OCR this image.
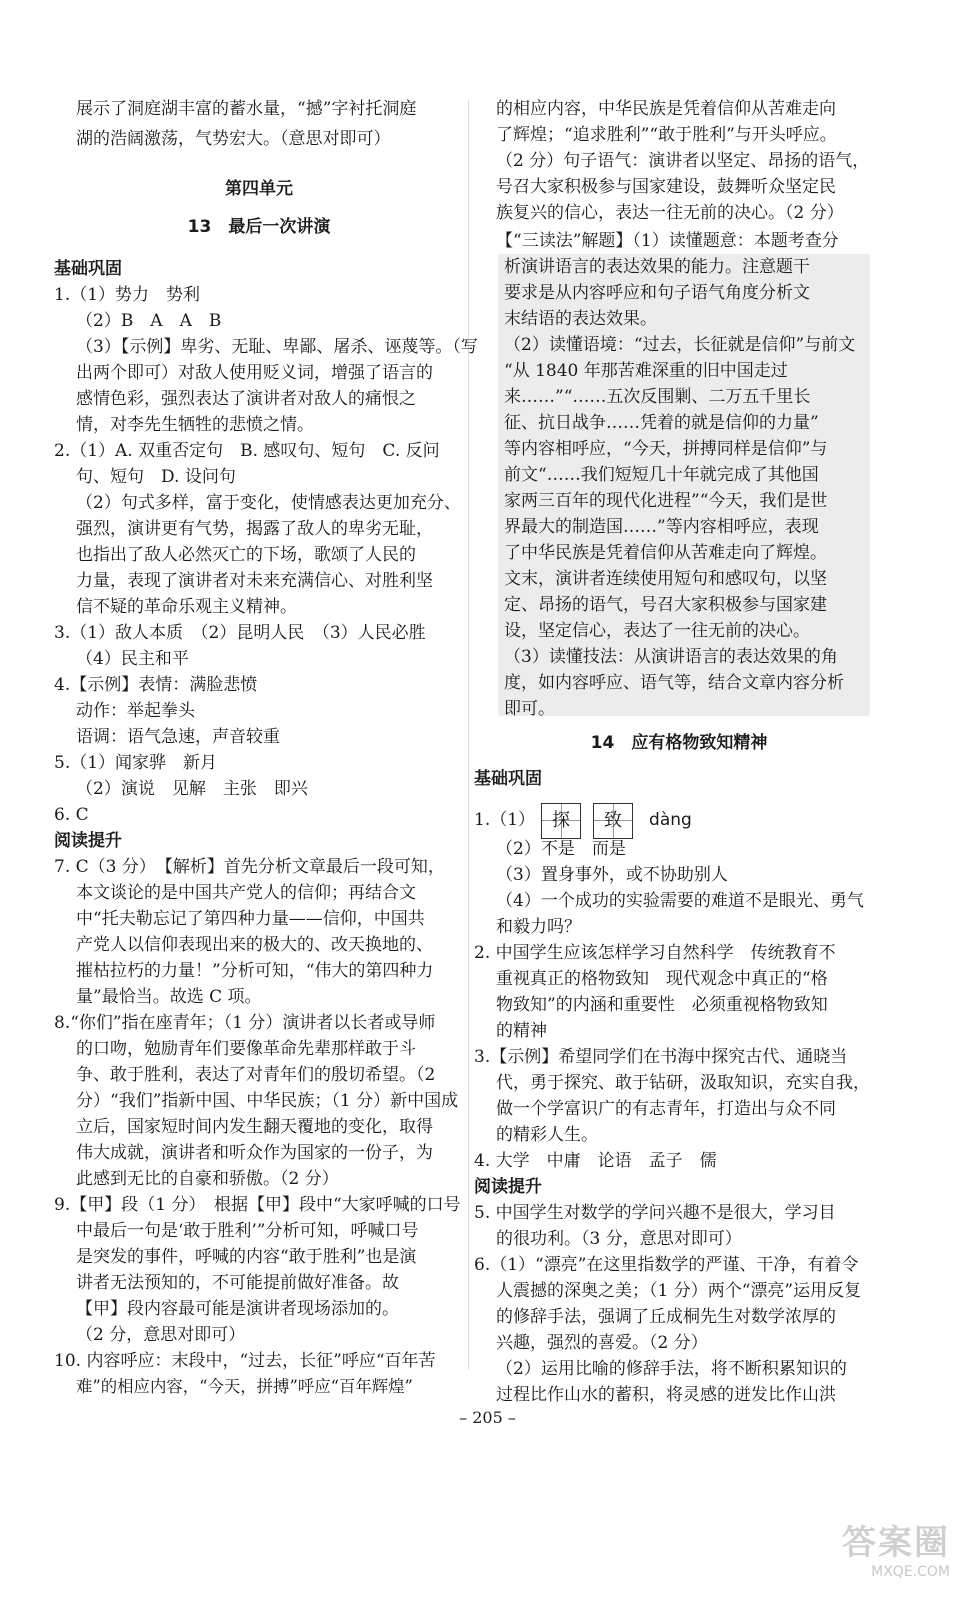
展示了洞庭湖丰富的蓄水量，“撼”字衬托洞庭
湖的浩阔激荡，气势宏大。（意思对即可）
第四单元
13　最后一次讲演
基础巩固
1.（1）势力　势利
（2）B　A　A　B
（3）【示例】卑劣、无耻、卑鄙、屠杀、诬蔑等。（写
出两个即可）对敌人使用贬义词，增强了语言的
感情色彩，强烈表达了演讲者对敌人的痛恨之
情，对李先生牺牲的悲愤之情。
2.（1）A. 双重否定句　B. 感叹句、短句　C. 反问
句、短句　D. 设问句
（2）句式多样，富于变化，使情感表达更加充分、
强烈，演讲更有气势，揭露了敌人的卑劣无耻，
也指出了敌人必然灭亡的下场，歌颂了人民的
力量，表现了演讲者对未来充满信心、对胜利坚
信不疑的革命乐观主义精神。
3.（1）敌人本质　（2）昆明人民　（3）人民必胜
（4）民主和平
4.【示例】表情：满脸悲愤
动作：举起拳头
语调：语气急速，声音较重
5.（1）闻家骅　新月
（2）演说　见解　主张　即兴
6. C
阅读提升
7. C（3 分）　【解析】首先分析文章最后一段可知，
本文谈论的是中国共产党人的信仰；再结合文
中“托夫勒忘记了第四种力量——信仰，中国共
产党人以信仰表现出来的极大的、改天换地的、
摧枯拉朽的力量！”分析可知，“伟大的第四种力
量”最恰当。故选 C 项。
8.“你们”指在座青年；（1 分）演讲者以长者或导师
的口吻，勉励青年们要像革命先辈那样敢于斗
争、敢于胜利，表达了对青年们的殷切希望。（2
分）“我们”指新中国、中华民族；（1 分）新中国成
立后，国家短时间内发生翻天覆地的变化，取得
伟大成就，演讲者和听众作为国家的一份子，为
此感到无比的自豪和骄傲。（2 分）
9.【甲】段（1 分）　根据【甲】段中“大家呼喊的口号
中最后一句是‘敢于胜利’”分析可知，呼喊口号
是突发的事件，呼喊的内容“敢于胜利”也是演
讲者无法预知的，不可能提前做好准备。故
【甲】段内容最可能是演讲者现场添加的。
（2 分，意思对即可）
10. 内容呼应：末段中，“过去，长征”呼应“百年苦
难”的相应内容，“今天，拼搏”呼应“百年辉煌”
的相应内容，中华民族是凭着信仰从苦难走向
了辉煌；“追求胜利”“敢于胜利”与开头呼应。
（2 分）句子语气：演讲者以坚定、昂扬的语气，
号召大家积极参与国家建设，鼓舞听众坚定民
族复兴的信心，表达一往无前的决心。（2 分）
【“三读法”解题】（1）读懂题意：本题考查分
析演讲语言的表达效果的能力。注意题干
要求是从内容呼应和句子语气角度分析文
末结语的表达效果。
（2）读懂语境：“过去，长征就是信仰”与前文
“从 1840 年那苦难深重的旧中国走过
来……”“……五次反围剿、二万五千里长
征、抗日战争……凭着的就是信仰的力量”
等内容相呼应，“今天，拼搏同样是信仰”与
前文“……我们短短几十年就完成了其他国
家两三百年的现代化进程”“今天，我们是世
界最大的制造国……”等内容相呼应，表现
了中华民族是凭着信仰从苦难走向了辉煌。
文末，演讲者连续使用短句和感叹句，以坚
定、昂扬的语气，号召大家积极参与国家建
设，坚定信心，表达了一往无前的决心。
（3）读懂技法：从演讲语言的表达效果的角
度，如内容呼应、语气等，结合文章内容分析
即可。
14　应有格物致知精神
基础巩固
1.（1） 探 致 dàng
（2）不是　而是
（3）置身事外，或不协助别人
（4）一个成功的实验需要的难道不是眼光、勇气
和毅力吗？
2. 中国学生应该怎样学习自然科学　传统教育不
重视真正的格物致知　现代观念中真正的“格
物致知”的内涵和重要性　必须重视格物致知
的精神
3.【示例】希望同学们在书海中探究古代、通晓当
代，勇于探究、敢于钻研，汲取知识，充实自我，
做一个学富识广的有志青年，打造出与众不同
的精彩人生。
4. 大学　中庸　论语　孟子　儒
阅读提升
5. 中国学生对数学的学问兴趣不是很大，学习目
的很功利。（3 分，意思对即可）
6.（1）“漂亮”在这里指数学的严谨、干净，有着令
人震撼的深奥之美；（1 分）两个“漂亮”运用反复
的修辞手法，强调了丘成桐先生对数学浓厚的
兴趣，强烈的喜爱。（2 分）
（2）运用比喻的修辞手法，将不断积累知识的
过程比作山水的蓄积，将灵感的迸发比作山洪
– 205 –
答案圈
MXQE.COM
